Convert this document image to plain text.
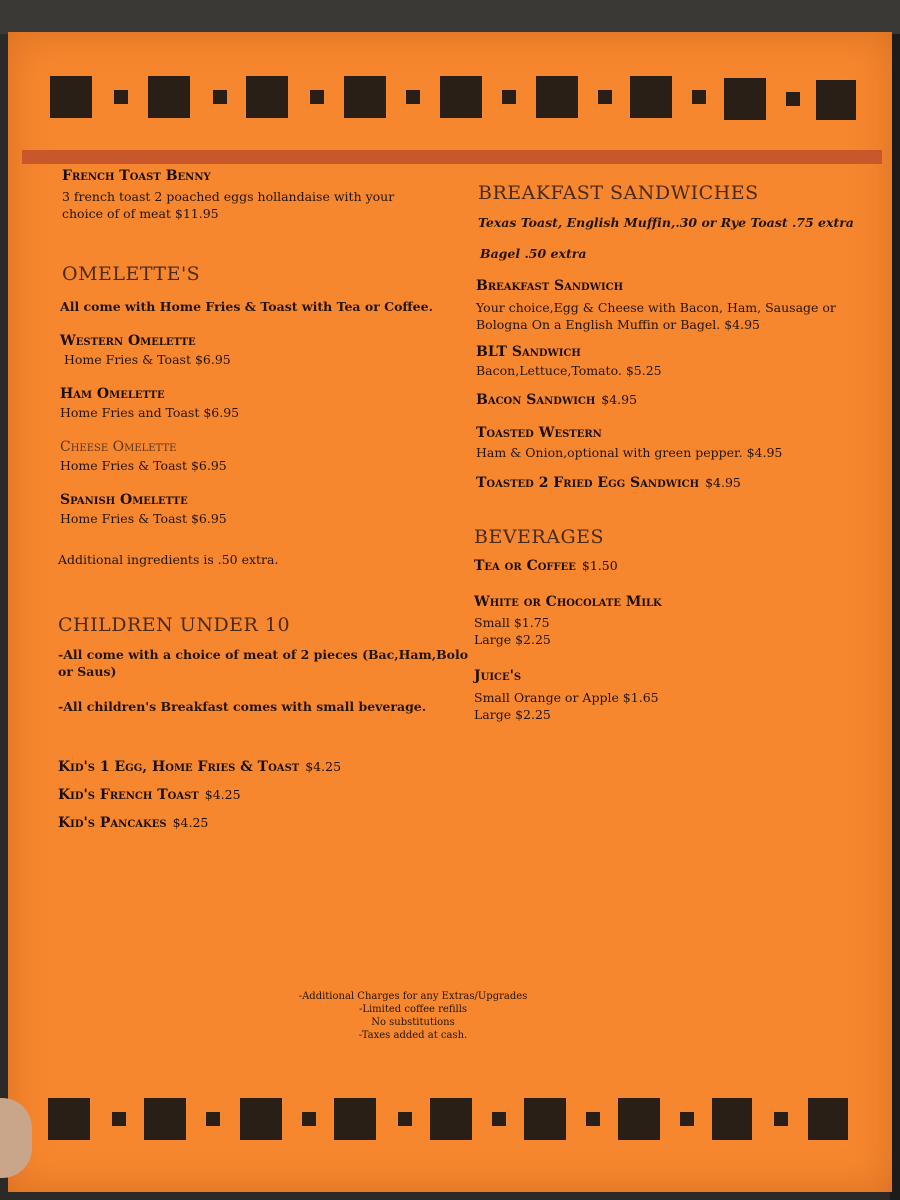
French Toast Benny
3 french toast 2 poached eggs hollandaise with your
choice of of meat $11.95
OMELETTE'S
All come with Home Fries & Toast with Tea or Coffee.
Western Omelette
Home Fries & Toast $6.95
Ham Omelette
Home Fries and Toast $6.95
Cheese Omelette
Home Fries & Toast $6.95
Spanish Omelette
Home Fries & Toast $6.95
Additional ingredients is .50 extra.
CHILDREN UNDER 10
-All come with a choice of meat of 2 pieces (Bac,Ham,Bolo
or Saus)
-All children's Breakfast comes with small beverage.
Kid's 1 Egg, Home Fries & Toast $4.25
Kid's French Toast $4.25
Kid's Pancakes $4.25
BREAKFAST SANDWICHES
Texas Toast, English Muffin,.30 or Rye Toast .75 extra
Bagel .50 extra
Breakfast Sandwich
Your choice,Egg & Cheese with Bacon, Ham, Sausage or
Bologna On a English Muffin or Bagel. $4.95
BLT Sandwich
Bacon,Lettuce,Tomato. $5.25
Bacon Sandwich $4.95
Toasted Western
Ham & Onion,optional with green pepper. $4.95
Toasted 2 Fried Egg Sandwich $4.95
BEVERAGES
Tea or Coffee $1.50
White or Chocolate Milk
Small $1.75
Large $2.25
Juice's
Small Orange or Apple $1.65
Large $2.25
-Additional Charges for any Extras/Upgrades
-Limited coffee refills
No substitutions
-Taxes added at cash.
